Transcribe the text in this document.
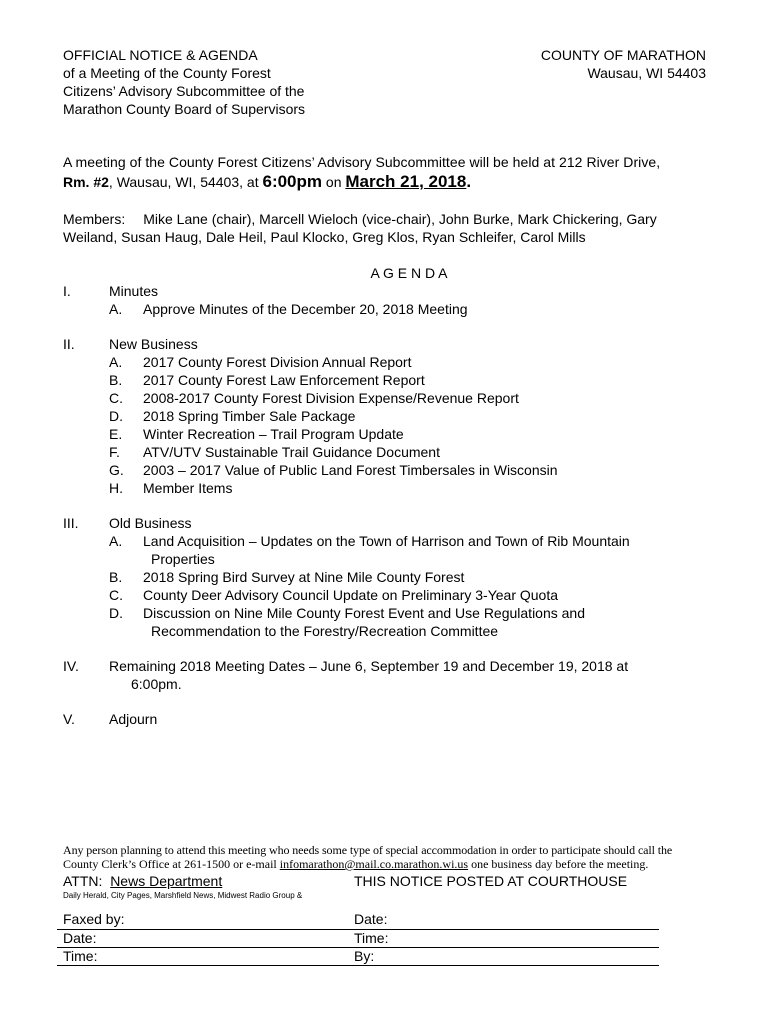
OFFICIAL NOTICE & AGENDA
of a Meeting of the County Forest
Citizens’ Advisory Subcommittee of the
Marathon County Board of Supervisors
COUNTY OF MARATHON
Wausau, WI 54403
A meeting of the County Forest Citizens’ Advisory Subcommittee will be held at 212 River Drive,
Rm. #2, Wausau, WI, 54403, at 6:00pm on March 21, 2018.
Members: Mike Lane (chair), Marcell Wieloch (vice-chair), John Burke, Mark Chickering, Gary
Weiland, Susan Haug, Dale Heil, Paul Klocko, Greg Klos, Ryan Schleifer, Carol Mills
A G E N D A
I.	Minutes
A. Approve Minutes of the December 20, 2018 Meeting
II. New Business
A. 2017 County Forest Division Annual Report
B. 2017 County Forest Law Enforcement Report
C. 2008-2017 County Forest Division Expense/Revenue Report
D. 2018 Spring Timber Sale Package
E. Winter Recreation – Trail Program Update
F. ATV/UTV Sustainable Trail Guidance Document
G. 2003 – 2017 Value of Public Land Forest Timbersales in Wisconsin
H. Member Items
III. Old Business
A. Land Acquisition – Updates on the Town of Harrison and Town of Rib Mountain
Properties
B. 2018 Spring Bird Survey at Nine Mile County Forest
C. County Deer Advisory Council Update on Preliminary 3-Year Quota
D. Discussion on Nine Mile County Forest Event and Use Regulations and
Recommendation to the Forestry/Recreation Committee
IV. Remaining 2018 Meeting Dates – June 6, September 19 and December 19, 2018 at
6:00pm.
V. Adjourn
Any person planning to attend this meeting who needs some type of special accommodation in order to participate should call the
County Clerk’s Office at 261-1500 or e-mail infomarathon@mail.co.marathon.wi.us one business day before the meeting.
ATTN: News Department	THIS NOTICE POSTED AT COURTHOUSE
Daily Herald, City Pages, Marshfield News, Midwest Radio Group &
Faxed by:	Date:
Date:	Time:
Time:	By:
